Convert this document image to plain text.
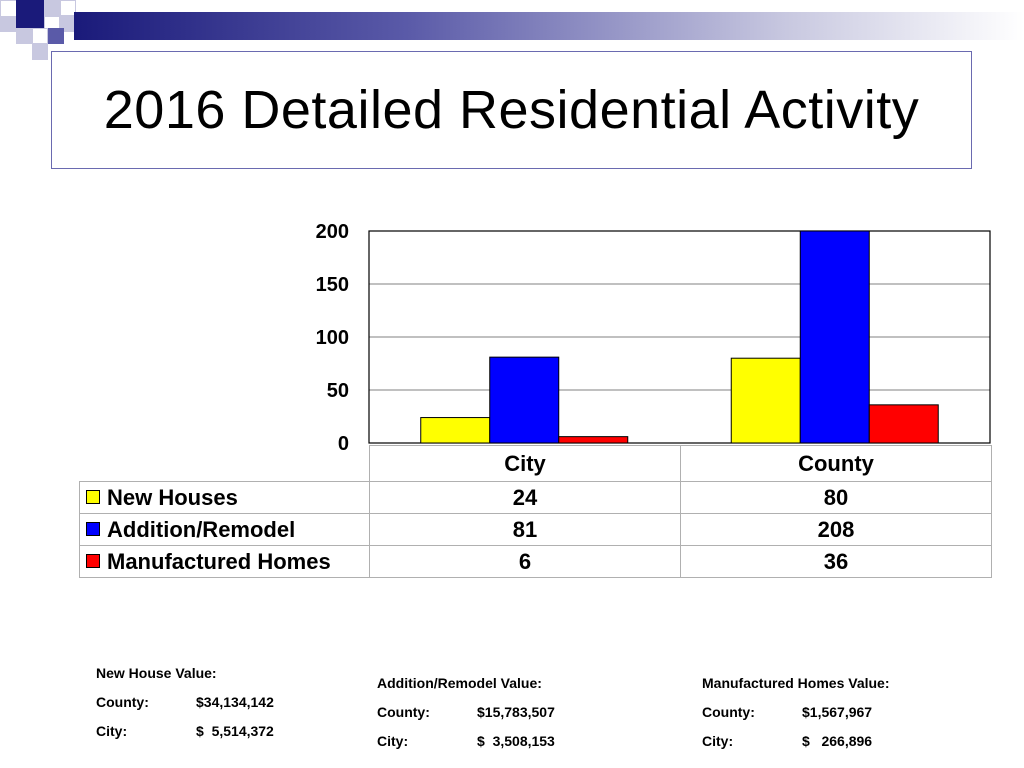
2016 Detailed Residential Activity
0
50
100
150
200
	City	County
New Houses	24	80
Addition/Remodel	81	208
Manufactured Homes	6	36
New House Value:
County:	$34,134,142
City:	$  5,514,372
Addition/Remodel Value:
County:	$15,783,507
City:	$  3,508,153
Manufactured Homes Value:
County:	$1,567,967
City:	$   266,896
